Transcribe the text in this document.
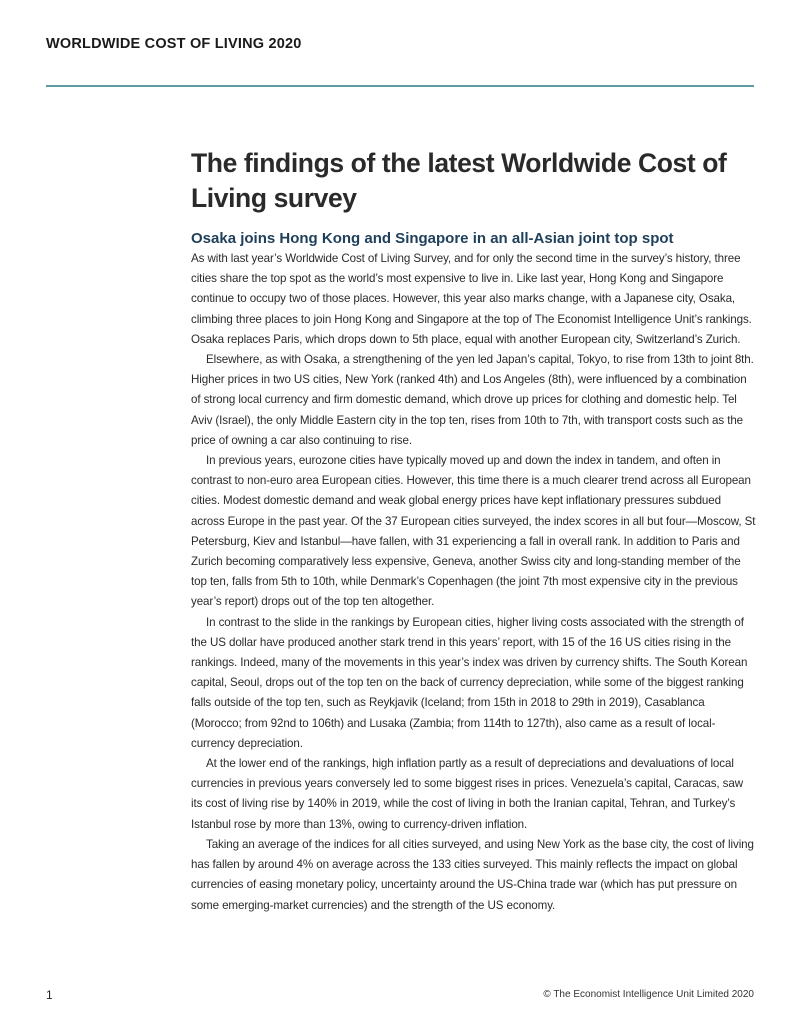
WORLDWIDE COST OF LIVING 2020
The findings of the latest Worldwide Cost of Living survey
Osaka joins Hong Kong and Singapore in an all-Asian joint top spot

As with last year’s Worldwide Cost of Living Survey, and for only the second time in the survey’s history, three cities share the top spot as the world’s most expensive to live in. Like last year, Hong Kong and Singapore continue to occupy two of those places. However, this year also marks change, with a Japanese city, Osaka, climbing three places to join Hong Kong and Singapore at the top of The Economist Intelligence Unit’s rankings. Osaka replaces Paris, which drops down to 5th place, equal with another European city, Switzerland’s Zurich.

Elsewhere, as with Osaka, a strengthening of the yen led Japan’s capital, Tokyo, to rise from 13th to joint 8th. Higher prices in two US cities, New York (ranked 4th) and Los Angeles (8th), were influenced by a combination of strong local currency and firm domestic demand, which drove up prices for clothing and domestic help. Tel Aviv (Israel), the only Middle Eastern city in the top ten, rises from 10th to 7th, with transport costs such as the price of owning a car also continuing to rise.

In previous years, eurozone cities have typically moved up and down the index in tandem, and often in contrast to non-euro area European cities. However, this time there is a much clearer trend across all European cities. Modest domestic demand and weak global energy prices have kept inflationary pressures subdued across Europe in the past year. Of the 37 European cities surveyed, the index scores in all but four—Moscow, St Petersburg, Kiev and Istanbul—have fallen, with 31 experiencing a fall in overall rank. In addition to Paris and Zurich becoming comparatively less expensive, Geneva, another Swiss city and long-standing member of the top ten, falls from 5th to 10th, while Denmark’s Copenhagen (the joint 7th most expensive city in the previous year’s report) drops out of the top ten altogether.

In contrast to the slide in the rankings by European cities, higher living costs associated with the strength of the US dollar have produced another stark trend in this years’ report, with 15 of the 16 US cities rising in the rankings. Indeed, many of the movements in this year’s index was driven by currency shifts. The South Korean capital, Seoul, drops out of the top ten on the back of currency depreciation, while some of the biggest ranking falls outside of the top ten, such as Reykjavik (Iceland; from 15th in 2018 to 29th in 2019), Casablanca (Morocco; from 92nd to 106th) and Lusaka (Zambia; from 114th to 127th), also came as a result of local-currency depreciation.

At the lower end of the rankings, high inflation partly as a result of depreciations and devaluations of local currencies in previous years conversely led to some biggest rises in prices. Venezuela’s capital, Caracas, saw its cost of living rise by 140% in 2019, while the cost of living in both the Iranian capital, Tehran, and Turkey’s Istanbul rose by more than 13%, owing to currency-driven inflation.

Taking an average of the indices for all cities surveyed, and using New York as the base city, the cost of living has fallen by around 4% on average across the 133 cities surveyed. This mainly reflects the impact on global currencies of easing monetary policy, uncertainty around the US-China trade war (which has put pressure on some emerging-market currencies) and the strength of the US economy.

1	© The Economist Intelligence Unit Limited 2020
